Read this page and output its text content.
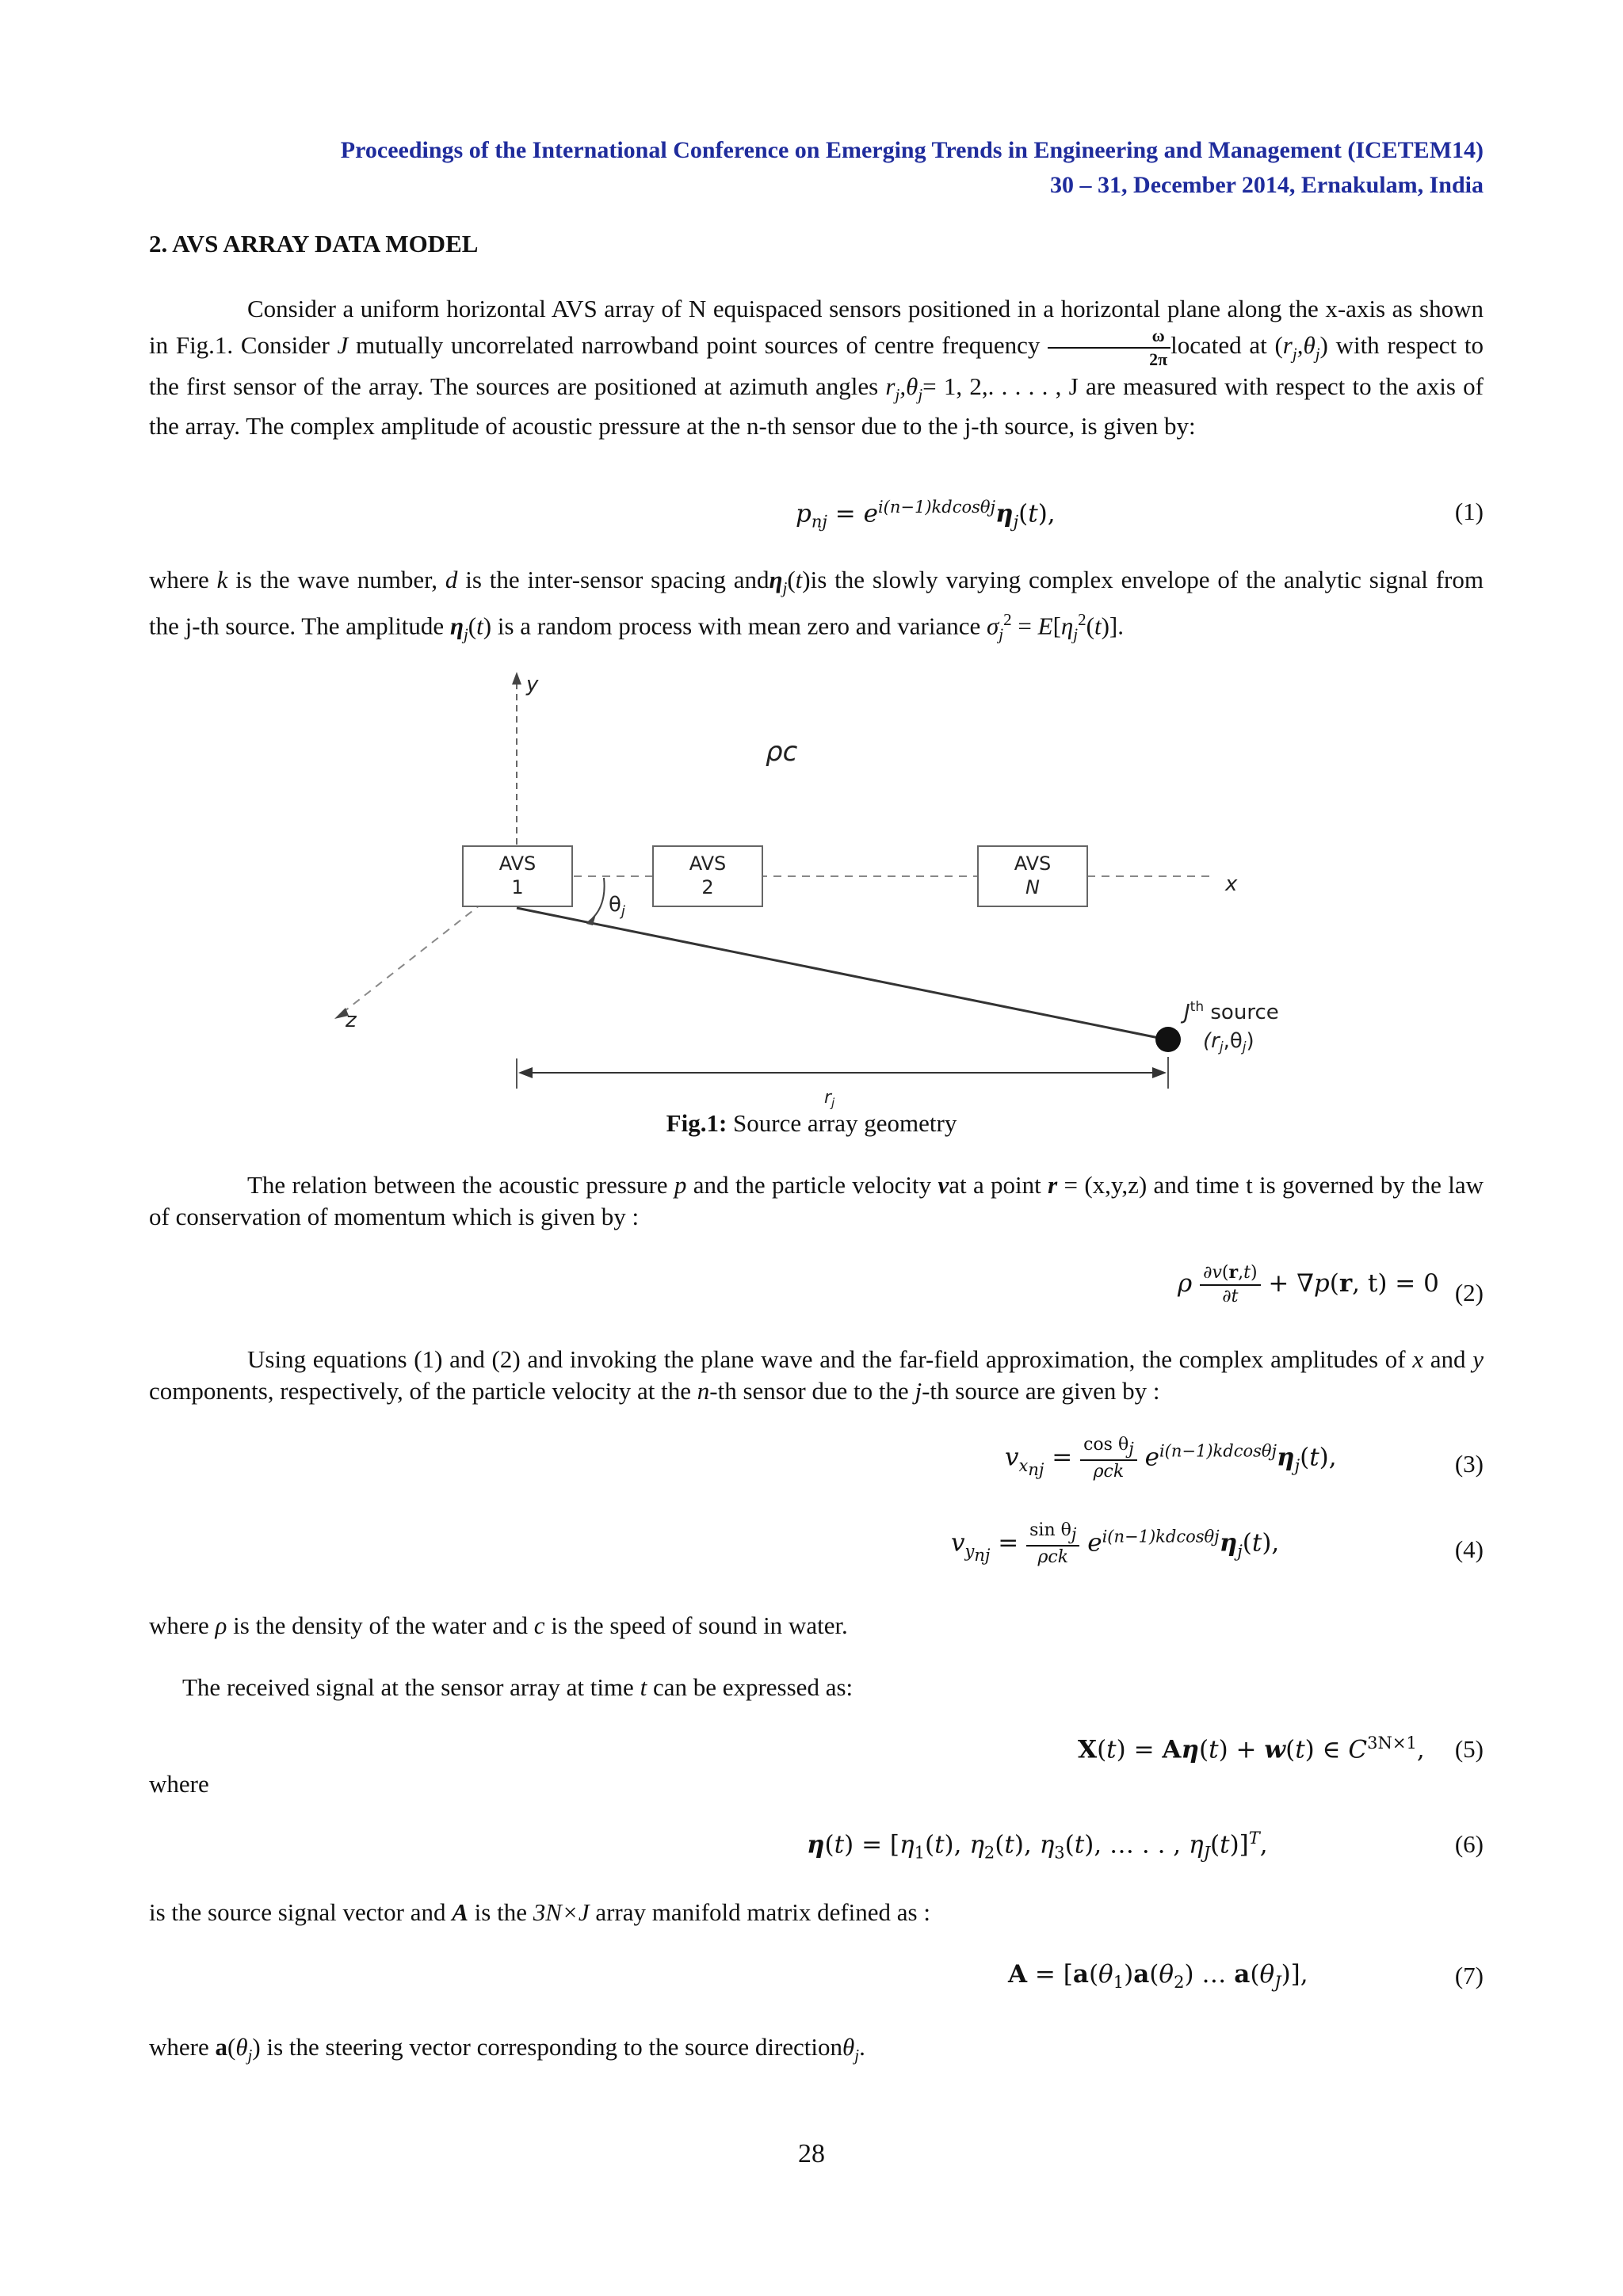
Proceedings of the International Conference on Emerging Trends in Engineering and Management (ICETEM14)
30 – 31, December 2014, Ernakulam, India
2. AVS ARRAY DATA MODEL
Consider a uniform horizontal AVS array of N equispaced sensors positioned in a horizontal plane along the x-axis as shown in Fig.1. Consider J mutually uncorrelated narrowband point sources of centre frequency $\frac{\omega}{2\pi}$ located at $(r_j,\theta_j)$ with respect to the first sensor of the array. The sources are positioned at azimuth angles $r_j,\theta_j= 1$, 2,. . . . . , J are measured with respect to the axis of the array. The complex amplitude of acoustic pressure at the n-th sensor due to the j-th source, is given by:
$p_{nj} = e^{i(n-1)kdcos\theta j}\eta_j(t)$,	(1)
where k is the wave number, d is the inter-sensor spacing andη$_j$(t)is the slowly varying complex envelope of the analytic signal from the j-th source. The amplitude $\eta_j(t)$ is a random process with mean zero and variance $\sigma_j^2 = E[\eta_j^2(t)]$.
y
x
z
ρc
AVS
1
AVS
2
AVS
N
$\theta_j$
$J^{th}$ source
(rj,θj)
$r_j$
Fig.1: Source array geometry
The relation between the acoustic pressure p and the particle velocity vat a point r = (x,y,z) and time t is governed by the law of conservation of momentum which is given by :
ρ $\frac{\partial v(r,t)}{\partial t} + \nabla p(r$, t) = 0 (2)
Using equations (1) and (2) and invoking the plane wave and the far-field approximation, the complex amplitudes of x and y components, respectively, of the particle velocity at the n-th sensor due to the j-th source are given by :
$v_{x_{nj}} = \frac{\cos \theta_j}{\text{ρck}} e^{i(n-1)kdcos\theta j}\eta_j(t)$,	(3)
$v_{y_{nj}} = \frac{\sin \theta_j}{\text{ρck}} e^{i(n-1)kdcos\theta j}\eta_j(t)$,	(4)
where ρ is the density of the water and c is the speed of sound in water.
The received signal at the sensor array at time t can be expressed as:
X(t) = Aη(t) + w(t) ∈ $C^{3N\times 1}$, (5)
where
$\eta(t) = [\eta_1(t)$, $\eta_2(t)$, $\eta_3(t)$, … . . , $\eta_J(t)]^T$,	(6)
is the source signal vector and A is the 3N×J array manifold matrix defined as :
$A = [a(\theta_1)a(\theta_2)$ … $a(\theta_J)$],	(7)
where $a(\theta_j)$ is the steering vector corresponding to the source directionθ$_j$.
28
